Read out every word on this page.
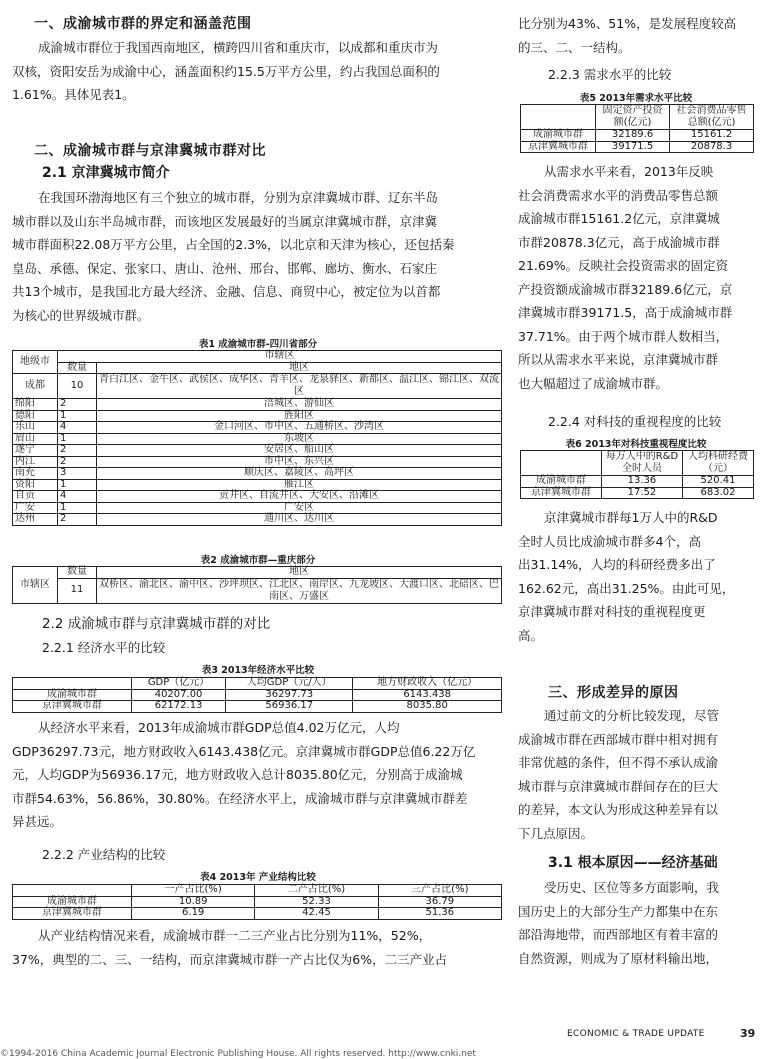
一、成渝城市群的界定和涵盖范围
成渝城市群位于我国西南地区，横跨四川省和重庆市，以成都和重庆市为
双核，资阳安岳为成渝中心，涵盖面积约15.5万平方公里，约占我国总面积的
1.61%。具体见表1。
二、成渝城市群与京津冀城市群对比
2.1 京津冀城市简介
在我国环渤海地区有三个独立的城市群，分别为京津冀城市群、辽东半岛
城市群以及山东半岛城市群，而该地区发展最好的当属京津冀城市群，京津冀
城市群面积22.08万平方公里，占全国的2.3%，以北京和天津为核心，还包括秦
皇岛、承德、保定、张家口、唐山、沧州、邢台、邯郸、廊坊、衡水、石家庄
共13个城市，是我国北方最大经济、金融、信息、商贸中心，被定位为以首都
为核心的世界级城市群。
表1 成渝城市群-四川省部分
地级市	市辖区	
	数量	地区
成都	10	青白江区、金牛区、武侯区、成华区、青羊区、龙泉驿区、新都区、温江区、锦江区、双流区
绵阳	2	涪城区、游仙区
德阳	1	旌阳区
乐山	4	金口河区、市中区、五通桥区、沙湾区
眉山	1	东坡区
遂宁	2	安居区、船山区
内江	2	市中区、东兴区
南充	3	顺庆区、嘉陵区、高坪区
资阳	1	雁江区
自贡	4	贡井区、自流井区、大安区、沿滩区
广安	1	广安区
达州	2	通川区、达川区
表2 成渝城市群—重庆部分
市辖区	数量	地区
	11	双桥区、渝北区、渝中区、沙坪坝区、江北区、南岸区、九龙坡区、大渡口区、北碚区、巴南区、万盛区
2.2 成渝城市群与京津冀城市群的对比
2.2.1 经济水平的比较
表3 2013年经济水平比较
	GDP（亿元）	人均GDP（元/人）	地方财政收入（亿元）
成渝城市群	40207.00	36297.73	6143.438
京津冀城市群	62172.13	56936.17	8035.80
从经济水平来看，2013年成渝城市群GDP总值4.02万亿元，人均
GDP36297.73元，地方财政收入6143.438亿元。京津冀城市群GDP总值6.22万亿
元，人均GDP为56936.17元，地方财政收入总计8035.80亿元，分别高于成渝城
市群54.63%，56.86%，30.80%。在经济水平上，成渝城市群与京津冀城市群差
异甚远。
2.2.2 产业结构的比较
表4 2013年 产业结构比较
	一产占比(%)	二产占比(%)	三产占比(%)
成渝城市群	10.89	52.33	36.79
京津冀城市群	6.19	42.45	51.36
从产业结构情况来看，成渝城市群一二三产业占比分别为11%，52%，
37%，典型的二、三、一结构，而京津冀城市群一产占比仅为6%，二三产业占
比分别为43%、51%，是发展程度较高
的三、二、一结构。
2.2.3 需求水平的比较
表5 2013年需求水平比较
	固定资产投资额(亿元)	社会消费品零售总额(亿元)
成渝城市群	32189.6	15161.2
京津冀城市群	39171.5	20878.3
从需求水平来看，2013年反映
社会消费需求水平的消费品零售总额
成渝城市群15161.2亿元，京津冀城
市群20878.3亿元，高于成渝城市群
21.69%。反映社会投资需求的固定资
产投资额成渝城市群32189.6亿元，京
津冀城市群39171.5，高于成渝城市群
37.71%。由于两个城市群人数相当，
所以从需求水平来说，京津冀城市群
也大幅超过了成渝城市群。
2.2.4 对科技的重视程度的比较
表6 2013年对科技重视程度比较
	每万人中的R&D全时人员	人均科研经费（元）
成渝城市群	13.36	520.41
京津冀城市群	17.52	683.02
京津冀城市群每1万人中的R&D
全时人员比成渝城市群多4个，高
出31.14%，人均的科研经费多出了
162.62元，高出31.25%。由此可见，
京津冀城市群对科技的重视程度更
高。
三、形成差异的原因
通过前文的分析比较发现，尽管
成渝城市群在西部城市群中相对拥有
非常优越的条件，但不得不承认成渝
城市群与京津冀城市群间存在的巨大
的差异，本文认为形成这种差异有以
下几点原因。
3.1 根本原因——经济基础
受历史、区位等多方面影响，我
国历史上的大部分生产力都集中在东
部沿海地带，而西部地区有着丰富的
自然资源，则成为了原材料输出地，
ECONOMIC & TRADE UPDATE	39
©1994-2016 China Academic Journal Electronic Publishing House. All rights reserved. http://www.cnki.net
